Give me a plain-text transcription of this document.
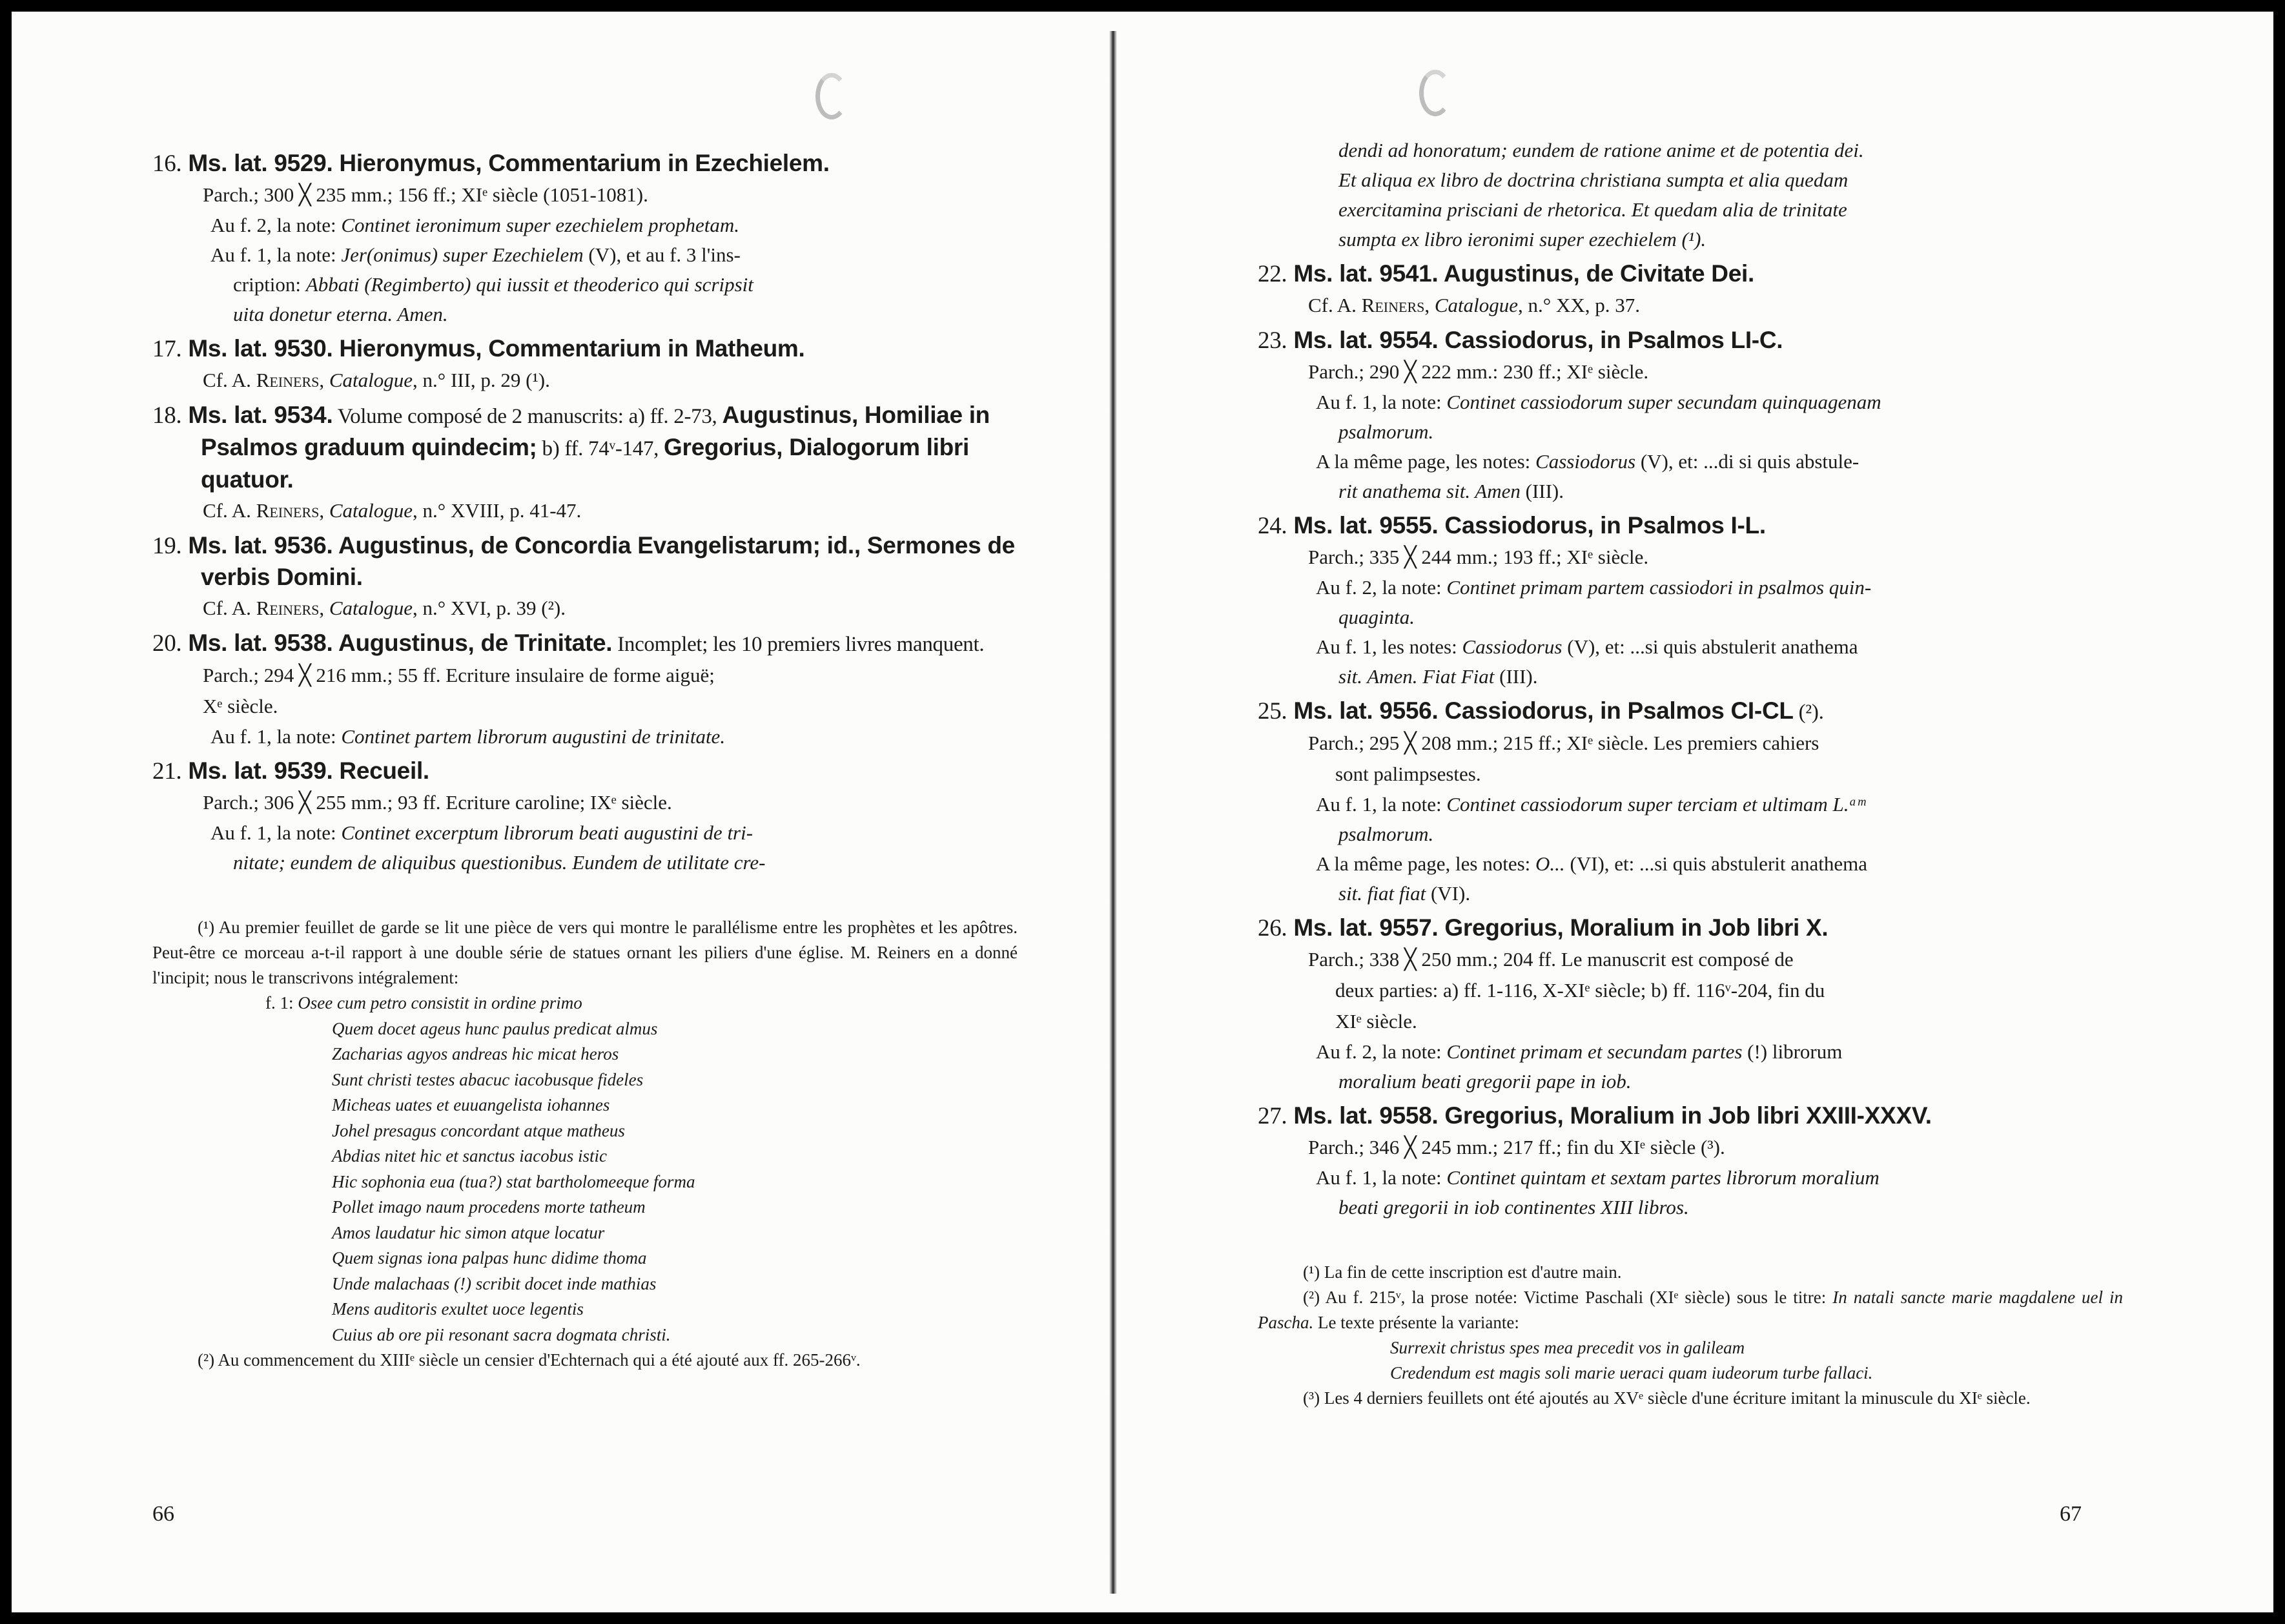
16. Ms. lat. 9529. Hieronymus, Commentarium in Ezechielem.

Parch.; 300 ╳ 235 mm.; 156 ff.; XIᵉ siècle (1051-1081).

Au f. 2, la note: Continet ieronimum super ezechielem prophetam.

Au f. 1, la note: Jer(onimus) super Ezechielem (V), et au f. 3 l'ins-

cription: Abbati (Regimberto) qui iussit et theoderico qui scripsit

uita donetur eterna. Amen.

17. Ms. lat. 9530. Hieronymus, Commentarium in Matheum.

Cf. A. Reiners, Catalogue, n.° III, p. 29 (¹).

18. Ms. lat. 9534. Volume composé de 2 manuscrits: a) ff. 2-73, Augustinus, Homiliae in Psalmos graduum quindecim; b) ff. 74ᵛ-147, Gregorius, Dialogorum libri quatuor.

Cf. A. Reiners, Catalogue, n.° XVIII, p. 41-47.

19. Ms. lat. 9536. Augustinus, de Concordia Evangelistarum; id., Sermones de verbis Domini.

Cf. A. Reiners, Catalogue, n.° XVI, p. 39 (²).

20. Ms. lat. 9538. Augustinus, de Trinitate. Incomplet; les 10 premiers livres manquent.

Parch.; 294 ╳ 216 mm.; 55 ff. Ecriture insulaire de forme aiguë;

Xᵉ siècle.

Au f. 1, la note: Continet partem librorum augustini de trinitate.

21. Ms. lat. 9539. Recueil.

Parch.; 306 ╳ 255 mm.; 93 ff. Ecriture caroline; IXᵉ siècle.

Au f. 1, la note: Continet excerptum librorum beati augustini de tri-

nitate; eundem de aliquibus questionibus. Eundem de utilitate cre-

(¹) Au premier feuillet de garde se lit une pièce de vers qui montre le parallélisme entre les prophètes et les apôtres. Peut-être ce morceau a-t-il rapport à une double série de statues ornant les piliers d'une église. M. Reiners en a donné l'incipit; nous le transcrivons intégralement:

f. 1: Osee cum petro consistit in ordine primo

Quem docet ageus hunc paulus predicat almus

Zacharias agyos andreas hic micat heros

Sunt christi testes abacuc iacobusque fideles

Micheas uates et euuangelista iohannes

Johel presagus concordant atque matheus

Abdias nitet hic et sanctus iacobus istic

Hic sophonia eua (tua?) stat bartholomeeque forma

Pollet imago naum procedens morte tatheum

Amos laudatur hic simon atque locatur

Quem signas iona palpas hunc didime thoma

Unde malachaas (!) scribit docet inde mathias

Mens auditoris exultet uoce legentis

Cuius ab ore pii resonant sacra dogmata christi.

(²) Au commencement du XIIIᵉ siècle un censier d'Echternach qui a été ajouté aux ff. 265-266ᵛ.

66

dendi ad honoratum; eundem de ratione anime et de potentia dei.

Et aliqua ex libro de doctrina christiana sumpta et alia quedam

exercitamina prisciani de rhetorica. Et quedam alia de trinitate

sumpta ex libro ieronimi super ezechielem (¹).

22. Ms. lat. 9541. Augustinus, de Civitate Dei.

Cf. A. Reiners, Catalogue, n.° XX, p. 37.

23. Ms. lat. 9554. Cassiodorus, in Psalmos LI-C.

Parch.; 290 ╳ 222 mm.: 230 ff.; XIᵉ siècle.

Au f. 1, la note: Continet cassiodorum super secundam quinquagenam

psalmorum.

A la même page, les notes: Cassiodorus (V), et: ...di si quis abstule-

rit anathema sit. Amen (III).

24. Ms. lat. 9555. Cassiodorus, in Psalmos I-L.

Parch.; 335 ╳ 244 mm.; 193 ff.; XIᵉ siècle.

Au f. 2, la note: Continet primam partem cassiodori in psalmos quin-

quaginta.

Au f. 1, les notes: Cassiodorus (V), et: ...si quis abstulerit anathema

sit. Amen. Fiat Fiat (III).

25. Ms. lat. 9556. Cassiodorus, in Psalmos CI-CL (²).

Parch.; 295 ╳ 208 mm.; 215 ff.; XIᵉ siècle. Les premiers cahiers

sont palimpsestes.

Au f. 1, la note: Continet cassiodorum super terciam et ultimam L.ᵃᵐ

psalmorum.

A la même page, les notes: O... (VI), et: ...si quis abstulerit anathema

sit. fiat fiat (VI).

26. Ms. lat. 9557. Gregorius, Moralium in Job libri X.

Parch.; 338 ╳ 250 mm.; 204 ff. Le manuscrit est composé de

deux parties: a) ff. 1-116, X-XIᵉ siècle; b) ff. 116ᵛ-204, fin du

XIᵉ siècle.

Au f. 2, la note: Continet primam et secundam partes (!) librorum

moralium beati gregorii pape in iob.

27. Ms. lat. 9558. Gregorius, Moralium in Job libri XXIII-XXXV.

Parch.; 346 ╳ 245 mm.; 217 ff.; fin du XIᵉ siècle (³).

Au f. 1, la note: Continet quintam et sextam partes librorum moralium

beati gregorii in iob continentes XIII libros.

(¹) La fin de cette inscription est d'autre main.

(²) Au f. 215ᵛ, la prose notée: Victime Paschali (XIᵉ siècle) sous le titre: In natali sancte marie magdalene uel in Pascha. Le texte présente la variante:

Surrexit christus spes mea precedit vos in galileam

Credendum est magis soli marie ueraci quam iudeorum turbe fallaci.

(³) Les 4 derniers feuillets ont été ajoutés au XVᵉ siècle d'une écriture imitant la minuscule du XIᵉ siècle.

67
